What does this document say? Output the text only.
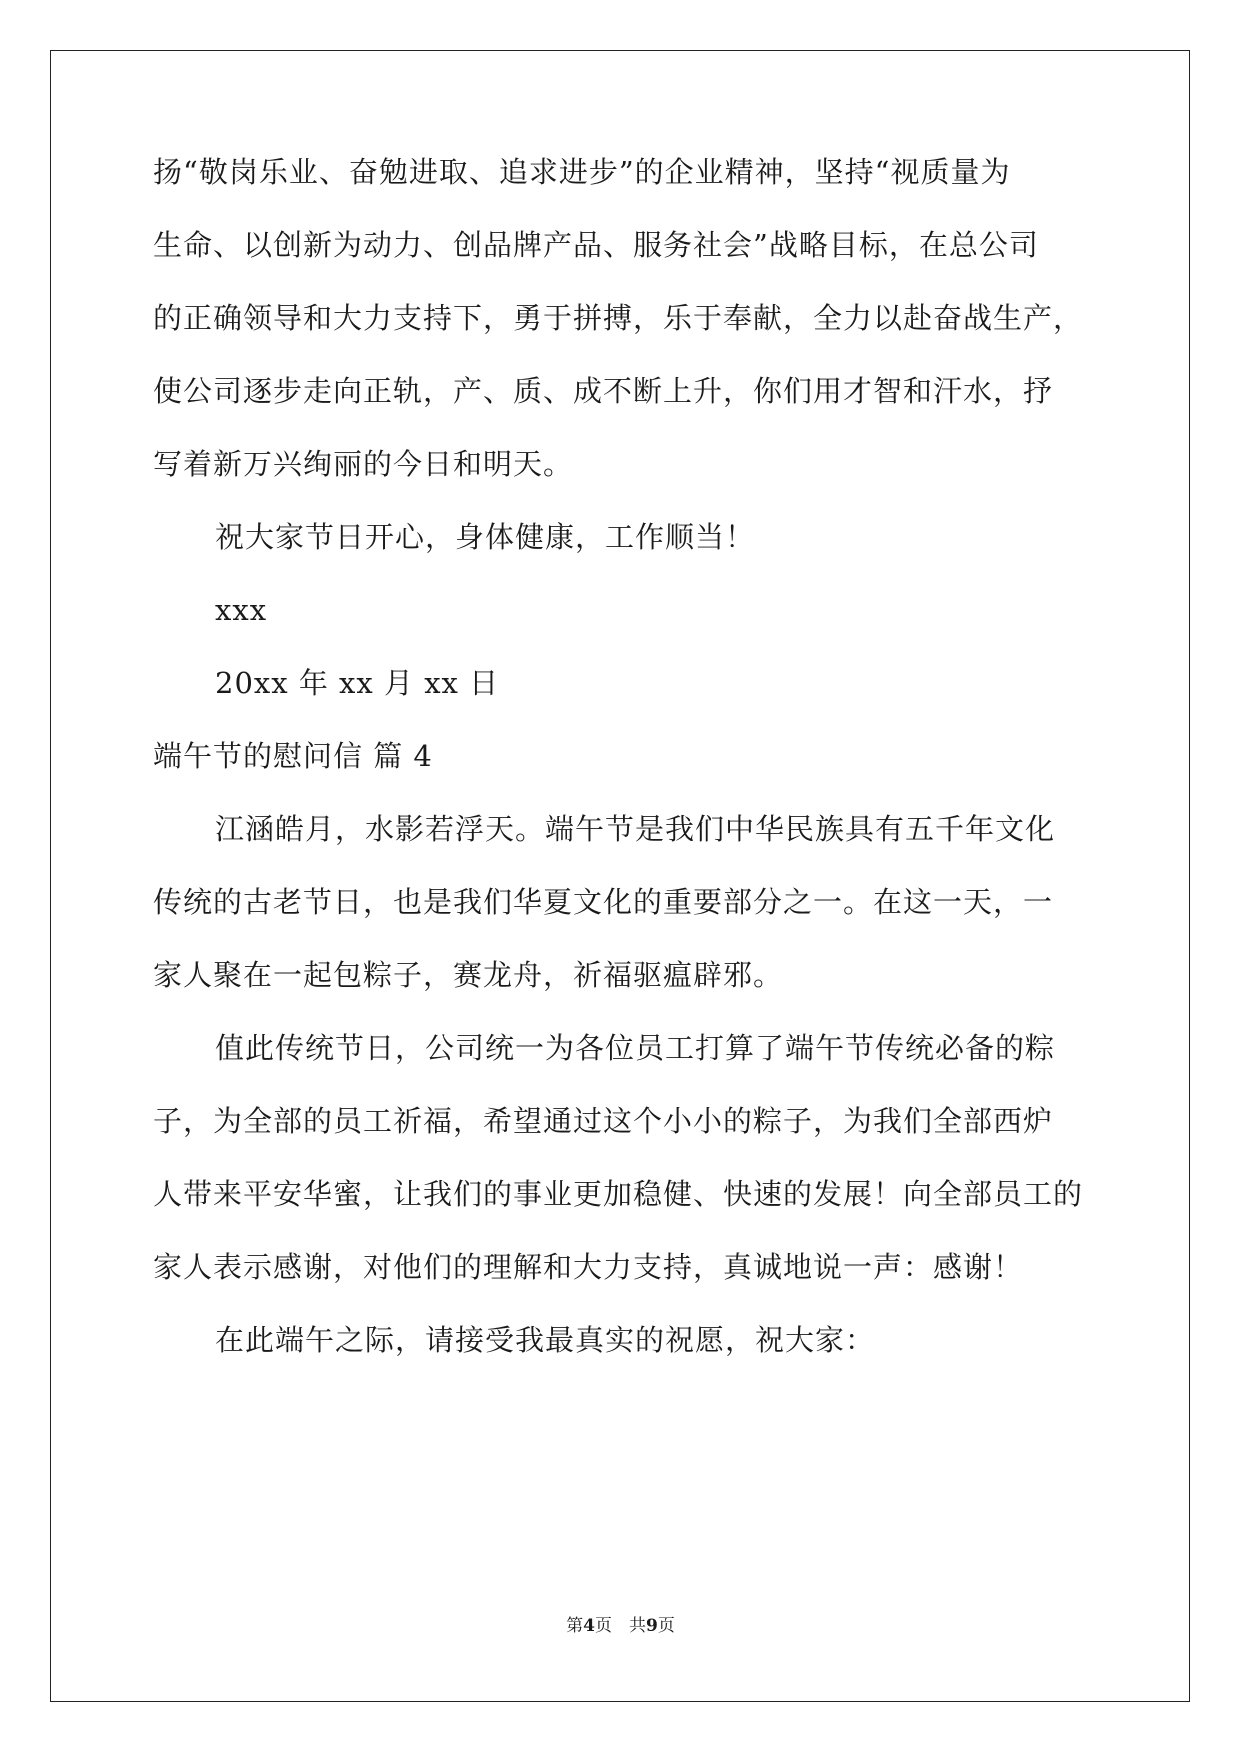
扬“敬岗乐业、奋勉进取、追求进步”的企业精神，坚持“视质量为
生命、以创新为动力、创品牌产品、服务社会”战略目标，在总公司
的正确领导和大力支持下，勇于拼搏，乐于奉献，全力以赴奋战生产，
使公司逐步走向正轨，产、质、成不断上升，你们用才智和汗水，抒
写着新万兴绚丽的今日和明天。
祝大家节日开心，身体健康，工作顺当！
xxx
20xx 年 xx 月 xx 日
端午节的慰问信 篇 4
江涵皓月，水影若浮天。端午节是我们中华民族具有五千年文化
传统的古老节日，也是我们华夏文化的重要部分之一。在这一天，一
家人聚在一起包粽子，赛龙舟，祈福驱瘟辟邪。
值此传统节日，公司统一为各位员工打算了端午节传统必备的粽
子，为全部的员工祈福，希望通过这个小小的粽子，为我们全部西炉
人带来平安华蜜，让我们的事业更加稳健、快速的发展！向全部员工的
家人表示感谢，对他们的理解和大力支持，真诚地说一声：感谢！
在此端午之际，请接受我最真实的祝愿，祝大家：
第4页　共9页
